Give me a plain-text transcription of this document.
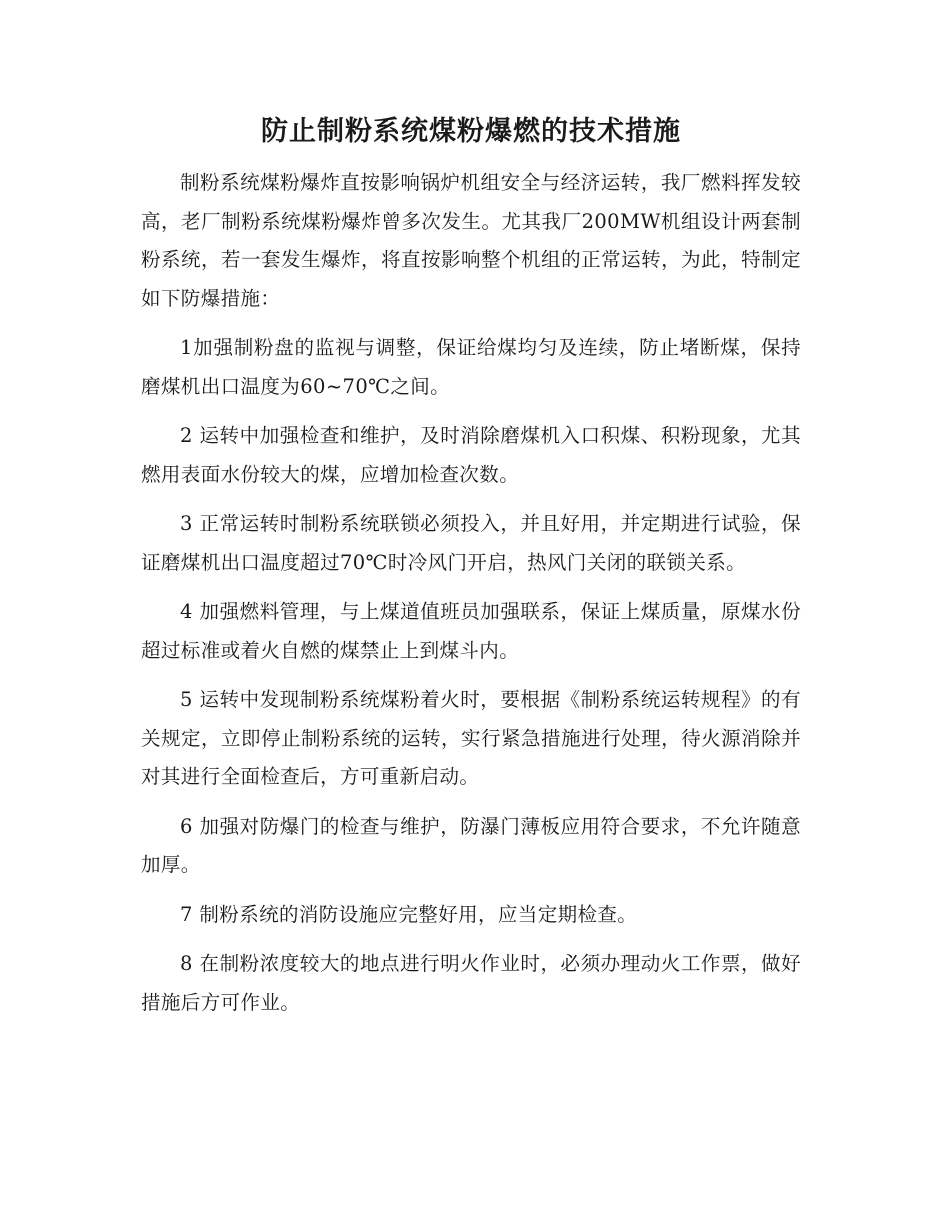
防止制粉系统煤粉爆燃的技术措施

制粉系统煤粉爆炸直按影响锅炉机组安全与经济运转，我厂燃料挥发较高，老厂制粉系统煤粉爆炸曾多次发生。尤其我厂200MW机组设计两套制粉系统，若一套发生爆炸，将直按影响整个机组的正常运转，为此，特制定如下防爆措施：

1加强制粉盘的监视与调整，保证给煤均匀及连续，防止堵断煤，保持磨煤机出口温度为60~70℃之间。

2 运转中加强检查和维护，及时消除磨煤机入口积煤、积粉现象，尤其燃用表面水份较大的煤，应增加检查次数。

3 正常运转时制粉系统联锁必须投入，并且好用，并定期进行试验，保证磨煤机出口温度超过70℃时冷风门开启，热风门关闭的联锁关系。

4 加强燃料管理，与上煤道值班员加强联系，保证上煤质量，原煤水份超过标准或着火自燃的煤禁止上到煤斗内。

5 运转中发现制粉系统煤粉着火时，要根据《制粉系统运转规程》的有关规定，立即停止制粉系统的运转，实行紧急措施进行处理，待火源消除并对其进行全面检查后，方可重新启动。

6 加强对防爆门的检查与维护，防瀑门薄板应用符合要求，不允许随意加厚。

7 制粉系统的消防设施应完整好用，应当定期检查。

8 在制粉浓度较大的地点进行明火作业时，必须办理动火工作票，做好措施后方可作业。
